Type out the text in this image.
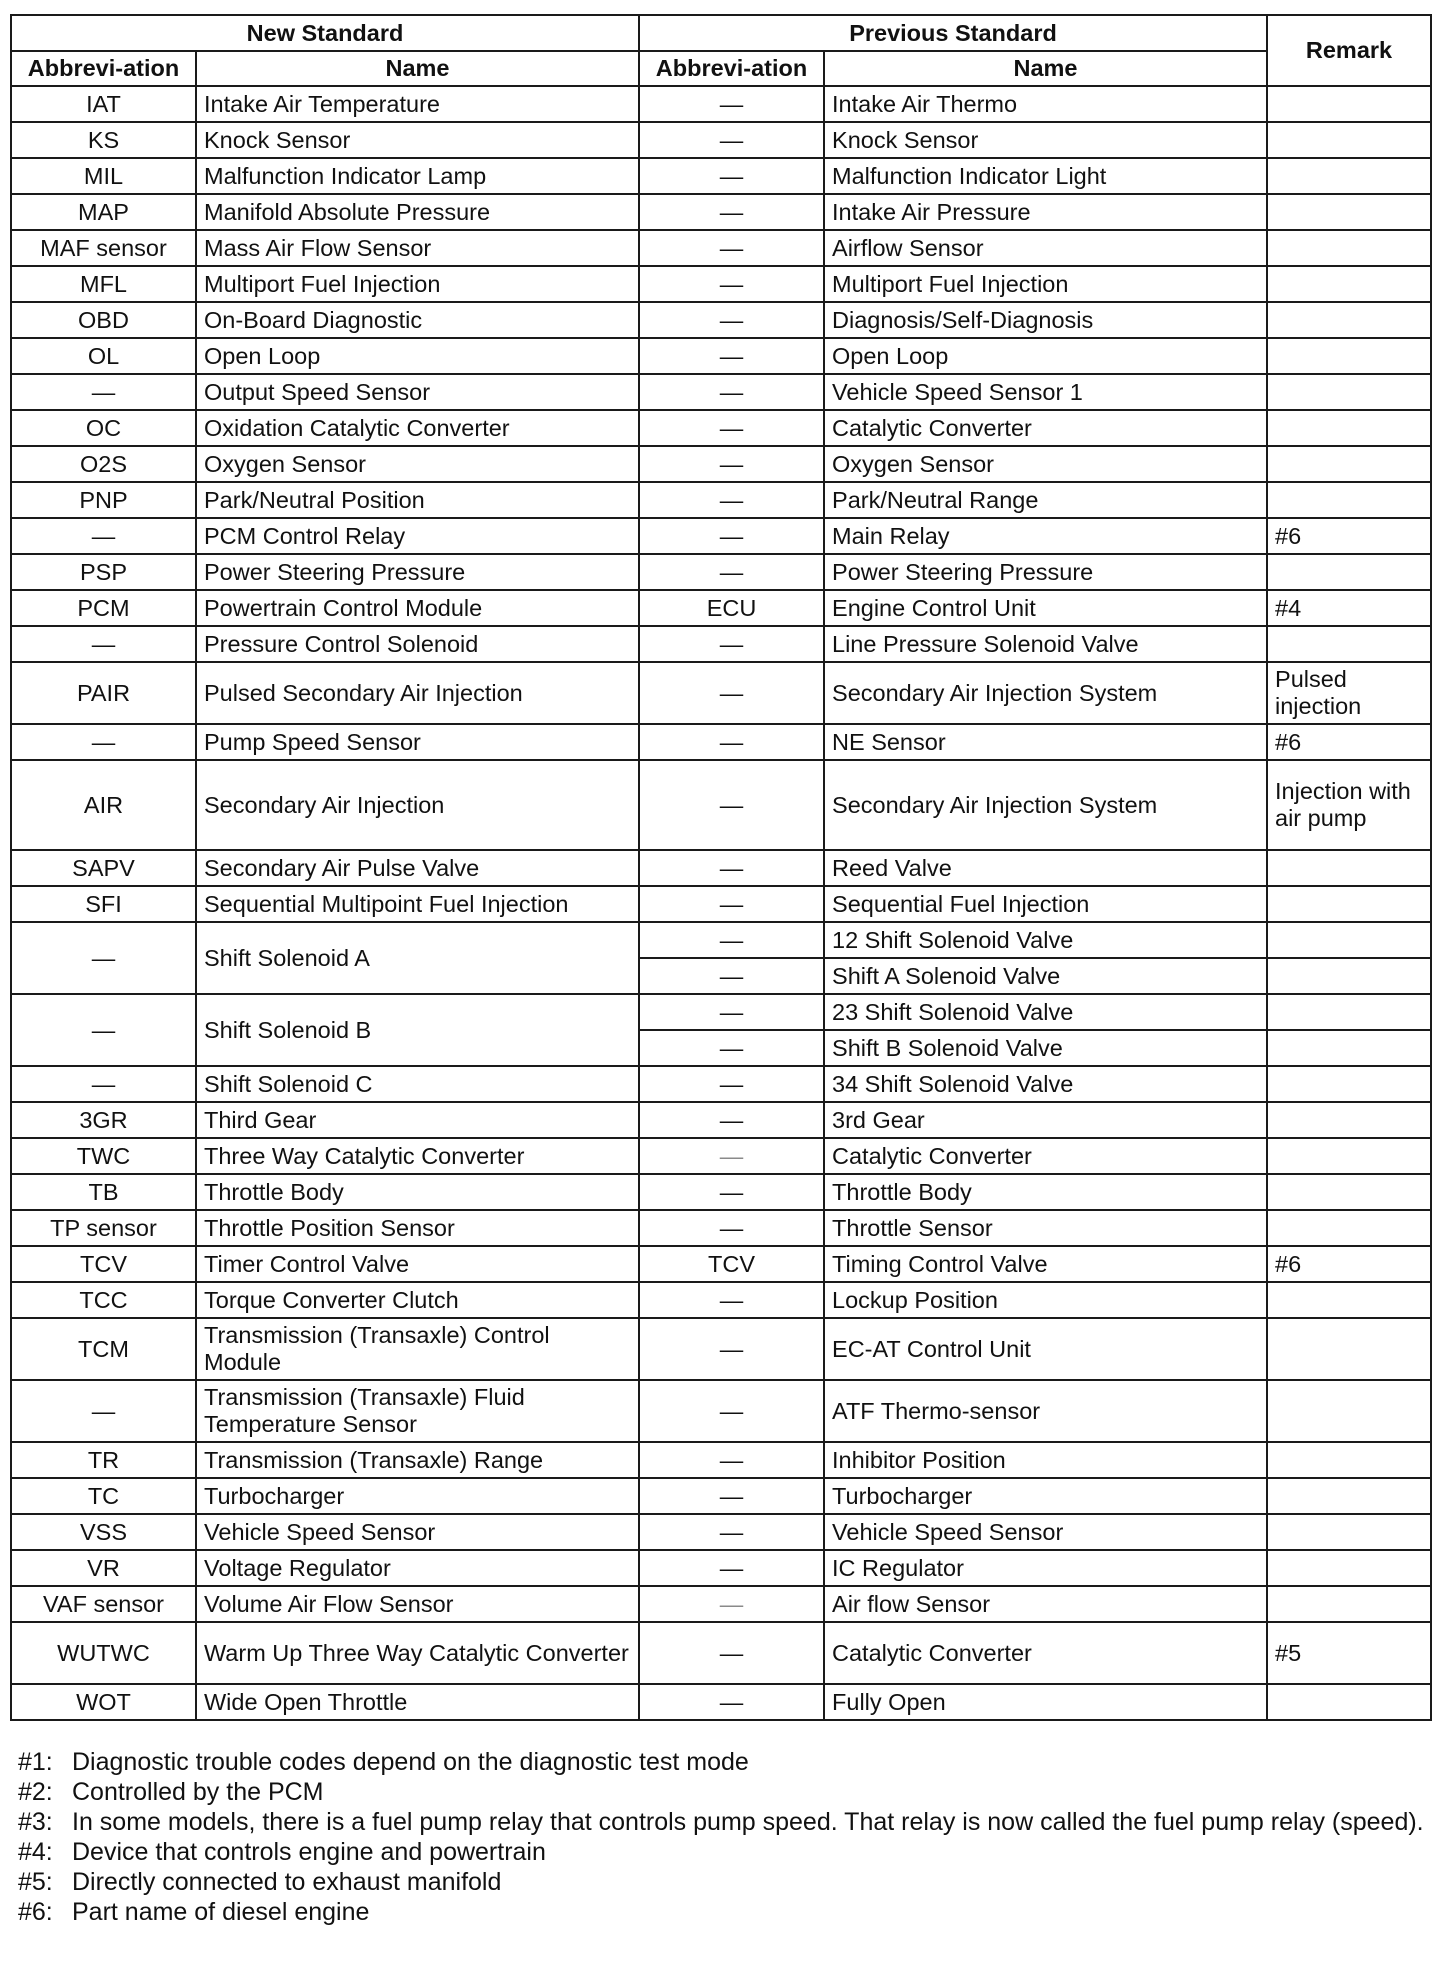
New Standard		Previous Standard		Remark
Abbrevi-ation	Name	Abbrevi-ation	Name	
IAT	Intake Air Temperature	—	Intake Air Thermo	
KS	Knock Sensor	—	Knock Sensor	
MIL	Malfunction Indicator Lamp	—	Malfunction Indicator Light	
MAP	Manifold Absolute Pressure	—	Intake Air Pressure	
MAF sensor	Mass Air Flow Sensor	—	Airflow Sensor	
MFL	Multiport Fuel Injection	—	Multiport Fuel Injection	
OBD	On-Board Diagnostic	—	Diagnosis/Self-Diagnosis	
OL	Open Loop	—	Open Loop	
—	Output Speed Sensor	—	Vehicle Speed Sensor 1	
OC	Oxidation Catalytic Converter	—	Catalytic Converter	
O2S	Oxygen Sensor	—	Oxygen Sensor	
PNP	Park/Neutral Position	—	Park/Neutral Range	
—	PCM Control Relay	—	Main Relay	#6
PSP	Power Steering Pressure	—	Power Steering Pressure	
PCM	Powertrain Control Module	ECU	Engine Control Unit	#4
—	Pressure Control Solenoid	—	Line Pressure Solenoid Valve	
PAIR	Pulsed Secondary Air Injection	—	Secondary Air Injection System	Pulsed injection
—	Pump Speed Sensor	—	NE Sensor	#6
AIR	Secondary Air Injection	—	Secondary Air Injection System	Injection with air pump
SAPV	Secondary Air Pulse Valve	—	Reed Valve	
SFI	Sequential Multipoint Fuel Injection	—	Sequential Fuel Injection	
—	Shift Solenoid A	—	12 Shift Solenoid Valve	
		—	Shift A Solenoid Valve	
—	Shift Solenoid B	—	23 Shift Solenoid Valve	
		—	Shift B Solenoid Valve	
—	Shift Solenoid C	—	34 Shift Solenoid Valve	
3GR	Third Gear	—	3rd Gear	
TWC	Three Way Catalytic Converter	—	Catalytic Converter	
TB	Throttle Body	—	Throttle Body	
TP sensor	Throttle Position Sensor	—	Throttle Sensor	
TCV	Timer Control Valve	TCV	Timing Control Valve	#6
TCC	Torque Converter Clutch	—	Lockup Position	
TCM	Transmission (Transaxle) Control Module	—	EC-AT Control Unit	
—	Transmission (Transaxle) Fluid Temperature Sensor	—	ATF Thermo-sensor	
TR	Transmission (Transaxle) Range	—	Inhibitor Position	
TC	Turbocharger	—	Turbocharger	
VSS	Vehicle Speed Sensor	—	Vehicle Speed Sensor	
VR	Voltage Regulator	—	IC Regulator	
VAF sensor	Volume Air Flow Sensor	—	Air flow Sensor	
WUTWC	Warm Up Three Way Catalytic Converter	—	Catalytic Converter	#5
WOT	Wide Open Throttle	—	Fully Open	
#1: Diagnostic trouble codes depend on the diagnostic test mode
#2: Controlled by the PCM
#3: In some models, there is a fuel pump relay that controls pump speed. That relay is now called the fuel pump relay (speed).
#4: Device that controls engine and powertrain
#5: Directly connected to exhaust manifold
#6: Part name of diesel engine
